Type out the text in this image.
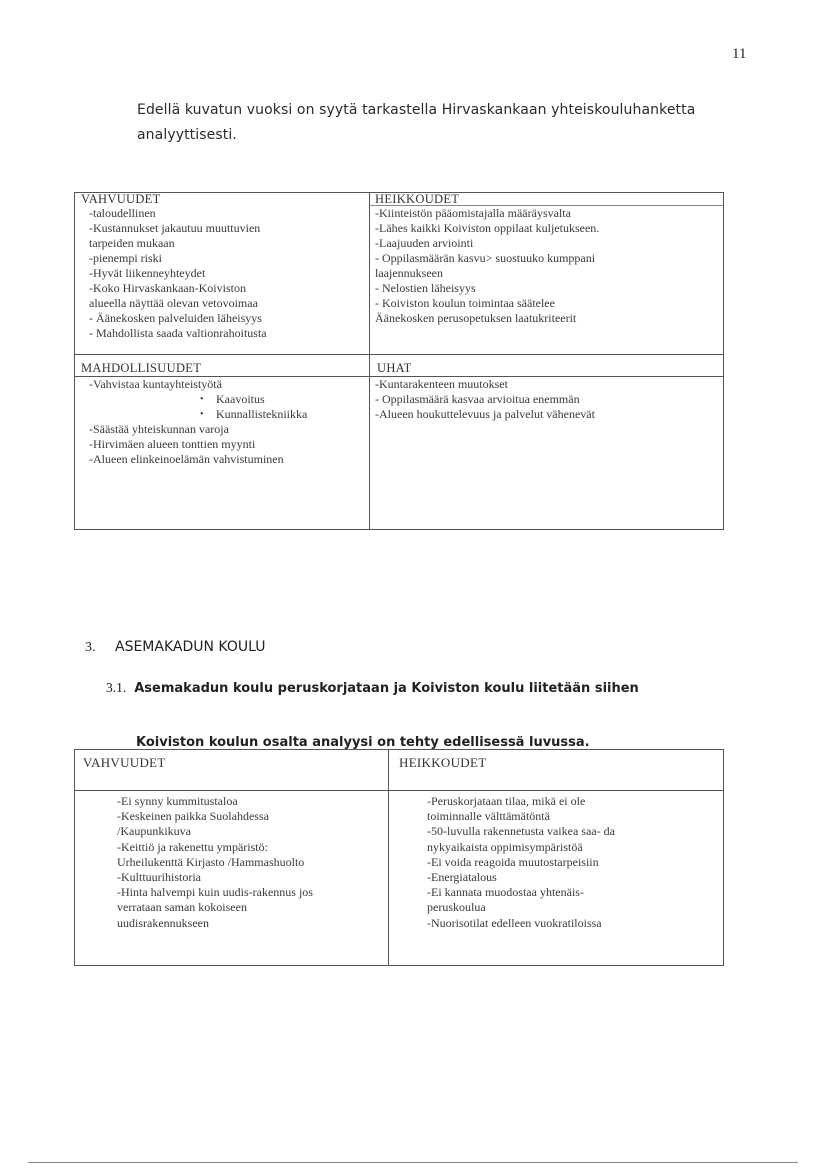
11
Edellä kuvatun vuoksi on syytä tarkastella Hirvaskankaan yhteiskouluhanketta analyyttisesti.
VAHVUUDET
-taloudellinen
-Kustannukset jakautuu muuttuvien
tarpeiden mukaan
-pienempi riski
-Hyvät liikenneyhteydet
-Koko Hirvaskankaan-Koiviston
alueella näyttää olevan vetovoimaa
- Äänekosken palveluiden läheisyys
- Mahdollista saada valtionrahoitusta
HEIKKOUDET
-Kiinteistön pääomistajalla määräysvalta
-Lähes kaikki Koiviston oppilaat kuljetukseen.
-Laajuuden arviointi
- Oppilasmäärän kasvu> suostuuko kumppani
laajennukseen
- Nelostien läheisyys
- Koiviston koulun toimintaa säätelee
Äänekosken perusopetuksen laatukriteerit
MAHDOLLISUUDET
-Vahvistaa kuntayhteistyötä
• Kaavoitus
• Kunnallistekniikka
-Säästää yhteiskunnan varoja
-Hirvimäen alueen tonttien myynti
-Alueen elinkeinoelämän vahvistuminen
UHAT
-Kuntarakenteen muutokset
- Oppilasmäärä kasvaa arvioitua enemmän
-Alueen houkuttelevuus ja palvelut vähenevät
3. ASEMAKADUN KOULU
3.1. Asemakadun koulu peruskorjataan ja Koiviston koulu liitetään siihen
Koiviston koulun osalta analyysi on tehty edellisessä luvussa.
VAHVUUDET
-Ei synny kummitustaloa
-Keskeinen paikka Suolahdessa
/Kaupunkikuva
-Keittiö ja rakenettu ympäristö:
Urheilukenttä Kirjasto /Hammashuolto
-Kulttuurihistoria
-Hinta halvempi kuin uudis-rakennus jos
verrataan saman kokoiseen
uudisrakennukseen
HEIKKOUDET
-Peruskorjataan tilaa, mikä ei ole
toiminnalle välttämätöntä
-50-luvulla rakennetusta vaikea saa- da
nykyaikaista oppimisympäristöä
-Ei voida reagoida muutostarpeisiin
-Energiatalous
-Ei kannata muodostaa yhtenäis-
peruskoulua
-Nuorisotilat edelleen vuokratiloissa
